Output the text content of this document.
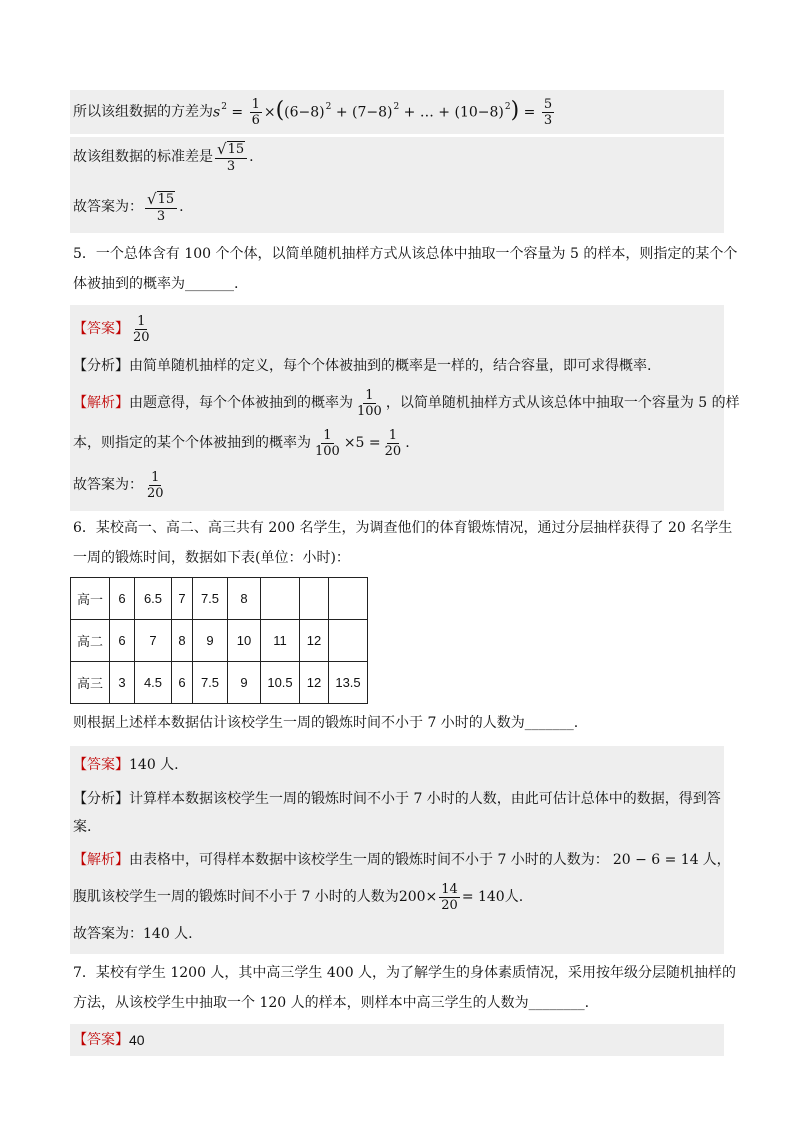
所以该组数据的方差为 $s^2 = \frac{1}{6} \times((6-8)^2 + (7-8)^2$ + … + $(10-8)^2) = \frac{5}{3}$
故该组数据的标准差是 $\frac{√ 15}{3}$ .
故答案为： $\frac{√ 15}{3}$ .
5．一个总体含有 100 个个体，以简单随机抽样方式从该总体中抽取一个容量为 5 的样本，则指定的某个个
体被抽到的概率为_______.
【答案】 $\frac{1}{20}$
【分析】 由简单随机抽样的定义，每个个体被抽到的概率是一样的，结合容量，即可求得概率.
【解析】 由题意得，每个个体被抽到的概率为 $\frac{1}{100}$ ，以简单随机抽样方式从该总体中抽取一个容量为 5 的样
本，则指定的某个个体被抽到的概率为 $\frac{1}{100} \times 5 = \frac{1}{20}$ .
故答案为： $\frac{1}{20}$
6．某校高一、高二、高三共有 200 名学生，为调查他们的体育锻炼情况，通过分层抽样获得了 20 名学生
一周的锻炼时间，数据如下表(单位：小时)：
高一	6	6.5	7	7.5	8			
高二	6	7	8	9	10	11	12	
高三	3	4.5	6	7.5	9	10.5	12	13.5
则根据上述样本数据估计该校学生一周的锻炼时间不小于 7 小时的人数为_______.
【答案】 140 人.
【分析】 计算样本数据该校学生一周的锻炼时间不小于 7 小时的人数，由此可估计总体中的数据，得到答
案.
【解析】 由表格中，可得样本数据中该校学生一周的锻炼时间不小于 7 小时的人数为： 20 − 6 = 14 人，
腹肌该校学生一周的锻炼时间不小于 7 小时的人数为 $200\times \frac{14}{20} = 140$ 人.
故答案为：140 人.
7．某校有学生 1200 人，其中高三学生 400 人，为了解学生的身体素质情况，采用按年级分层随机抽样的
方法，从该校学生中抽取一个 120 人的样本，则样本中高三学生的人数为________.
【答案】 40
